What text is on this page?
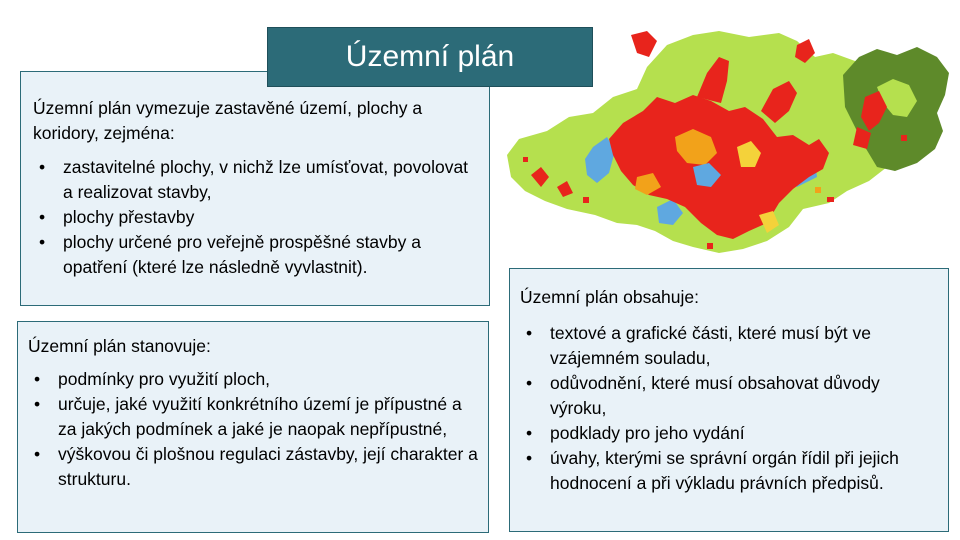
Územní plán
Územní plán vymezuje zastavěné území, plochy a koridory, zejména:
• zastavitelné plochy, v nichž lze umísťovat, povolovat a realizovat stavby,
• plochy přestavby
• plochy určené pro veřejně prospěšné stavby a opatření (které lze následně vyvlastnit).
Územní plán stanovuje:
• podmínky pro využití ploch,
• určuje, jaké využití konkrétního území je přípustné a za jakých podmínek a jaké je naopak nepřípustné,
• výškovou či plošnou regulaci zástavby, její charakter a strukturu.
Územní plán obsahuje:
• textové a grafické části, které musí být ve vzájemném souladu,
• odůvodnění, které musí obsahovat důvody výroku,
• podklady pro jeho vydání
• úvahy, kterými se správní orgán řídil při jejich hodnocení a při výkladu právních předpisů.
